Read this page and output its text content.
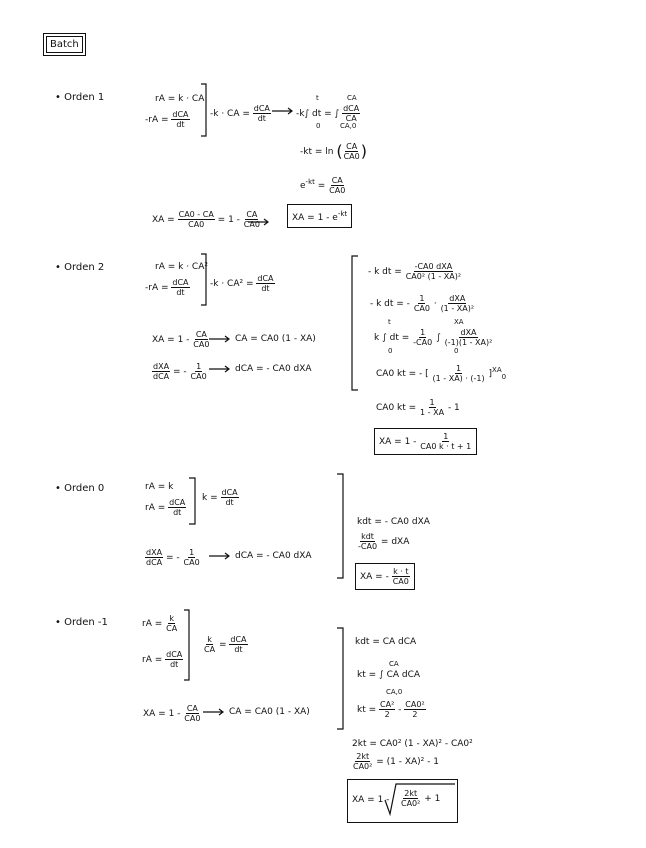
Batch
• Orden 1	rA = k · CA
$-rA = \frac{\text{dCA}}{dt} -k$ · CA = $\frac{\text{dCA}}{dt}$	-k∫ dt = ∫ $\frac{\text{dCA}}{CA}$
t
0
CA
CA,0
-kt = ln ( $\frac{CA}{CA0}$ )
$e^{-kt} = \frac{CA}{CA0}$
XA = $\frac{CA0 - CA}{CA0} = 1 - \frac{CA}{CA0}$	XA = $1 - e^{-kt}$
• Orden 2	rA = k · CA²
$-rA = \frac{\text{dCA}}{dt} -k \cdot CA^2 = \frac{\text{dCA}}{dt}$
XA = $1 - \frac{CA}{CA0}$	CA = CA0 (1 - XA)
$\frac{\text{dXA}}{\text{dCA}}$ = - $\frac{1}{CA0}$	dCA = - CA0 dXA
- k dt = $\frac{\text{-CA0 dXA}}{\text{CA0² (1 - XA)²}}$
- k dt = - $\frac{1}{CA0} \cdot \frac{\text{dXA}}{\text{(1 - XA)²}}$
k ∫ dt = $\frac{1}{-CA0}$ ∫ $\frac{\text{dXA}}{\text{(-1)(1 - XA)²}}$
t
0
XA
0
CA0 kt = - [ $\frac{1}{(1 - XA) \cdot (-1)} ]^{XA}_0$
CA0 kt = $\frac{1}{1 - XA} - 1$
XA = $1 - \frac{1}{CA0 k \cdot t + 1}$
• Orden 0	rA = k
rA = $\frac{\text{dCA}}{dt}$ $k = \frac{\text{dCA}}{dt}$
$\frac{\text{dXA}}{\text{dCA}}$ = - $\frac{1}{CA0}$	dCA = - CA0 dXA
kdt = - CA0 dXA
$\frac{\text{kdt}}{-CA0}$ = dXA
XA = - $\frac{k \cdot t}{CA0}$
• Orden -1	rA = $\frac{k}{CA}$
rA = $\frac{\text{dCA}}{dt}$
$\frac{k}{CA} = \frac{\text{dCA}}{dt}$
XA = $1 - \frac{CA}{CA0}$	CA = CA0 (1 - XA)
kdt = CA dCA
kt = ∫ CA dCA
CA
CA,0
kt = $\frac{\text{CA²}}{2} - \frac{\text{CA0²}}{2}$
2kt = CA0² (1 - XA)² - CA0²
$\frac{2kt}{\text{CA0²}} = (1 - XA)^2 - 1$
XA = $1 - \frac{2kt}{\text{CA0²}} + 1$
